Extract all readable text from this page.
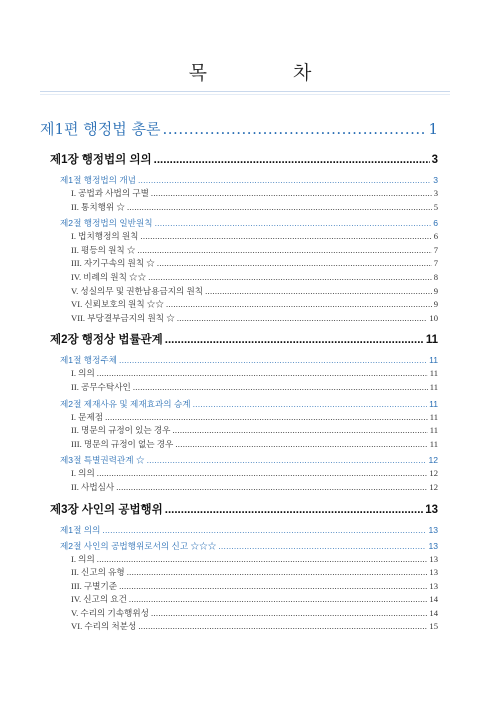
목	차
제1편 행정법 총론 .....	1
제1장 행정법의 의의 .....	3
제1절 행정법의 개념 .....	3
I. 공법과 사법의 구별 .....	3
II. 통치행위 ☆ .....	5
제2절 행정법의 일반원칙 .....	6
I. 법치행정의 원칙 .....	6
II. 평등의 원칙 ☆ .....	7
III. 자기구속의 원칙 ☆ .....	7
IV. 비례의 원칙 ☆☆ .....	8
V. 성실의무 및 권한남용금지의 원칙 .....	9
VI. 신뢰보호의 원칙 ☆☆ .....	9
VII. 부당결부금지의 원칙 ☆ .....	10
제2장 행정상 법률관계 .....	11
제1절 행정주체 .....	11
I. 의의 .....	11
II. 공무수탁사인 .....	11
제2절 제재사유 및 제재효과의 승계 .....	11
I. 문제점 .....	11
II. 명문의 규정이 있는 경우 .....	11
III. 명문의 규정이 없는 경우 .....	11
제3절 특별권력관계 ☆ .....	12
I. 의의 .....	12
II. 사법심사 .....	12
제3장 사인의 공법행위 .....	13
제1절 의의 .....	13
제2절 사인의 공법행위로서의 신고 ☆☆☆ .....	13
I. 의의 .....	13
II. 신고의 유형 .....	13
III. 구별기준 .....	13
IV. 신고의 요건 .....	14
V. 수리의 기속행위성 .....	14
VI. 수리의 처분성 .....	15
